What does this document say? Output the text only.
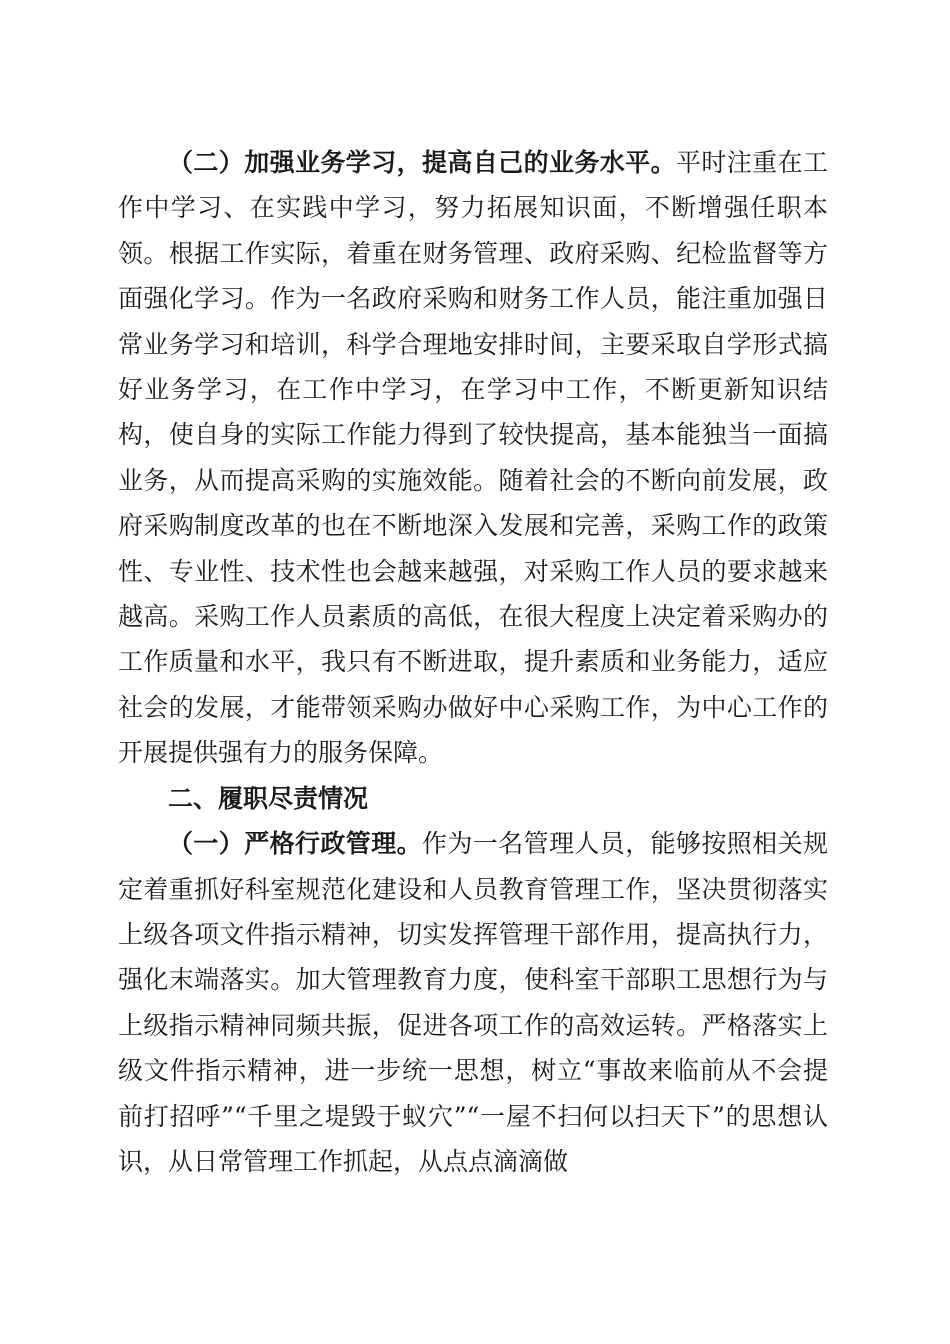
（二）加强业务学习，提高自己的业务水平。平时注重在工作中学习、在实践中学习，努力拓展知识面，不断增强任职本领。根据工作实际，着重在财务管理、政府采购、纪检监督等方面强化学习。作为一名政府采购和财务工作人员，能注重加强日常业务学习和培训，科学合理地安排时间，主要采取自学形式搞好业务学习，在工作中学习，在学习中工作，不断更新知识结构，使自身的实际工作能力得到了较快提高，基本能独当一面搞业务，从而提高采购的实施效能。随着社会的不断向前发展，政府采购制度改革的也在不断地深入发展和完善，采购工作的政策性、专业性、技术性也会越来越强，对采购工作人员的要求越来越高。采购工作人员素质的高低，在很大程度上决定着采购办的工作质量和水平，我只有不断进取，提升素质和业务能力，适应社会的发展，才能带领采购办做好中心采购工作，为中心工作的开展提供强有力的服务保障。

二、履职尽责情况

（一）严格行政管理。作为一名管理人员，能够按照相关规定着重抓好科室规范化建设和人员教育管理工作，坚决贯彻落实上级各项文件指示精神，切实发挥管理干部作用，提高执行力，强化末端落实。加大管理教育力度，使科室干部职工思想行为与上级指示精神同频共振，促进各项工作的高效运转。严格落实上级文件指示精神，进一步统一思想，树立“事故来临前从不会提前打招呼”“千里之堤毁于蚁穴”“一屋不扫何以扫天下”的思想认识，从日常管理工作抓起，从点点滴滴做
